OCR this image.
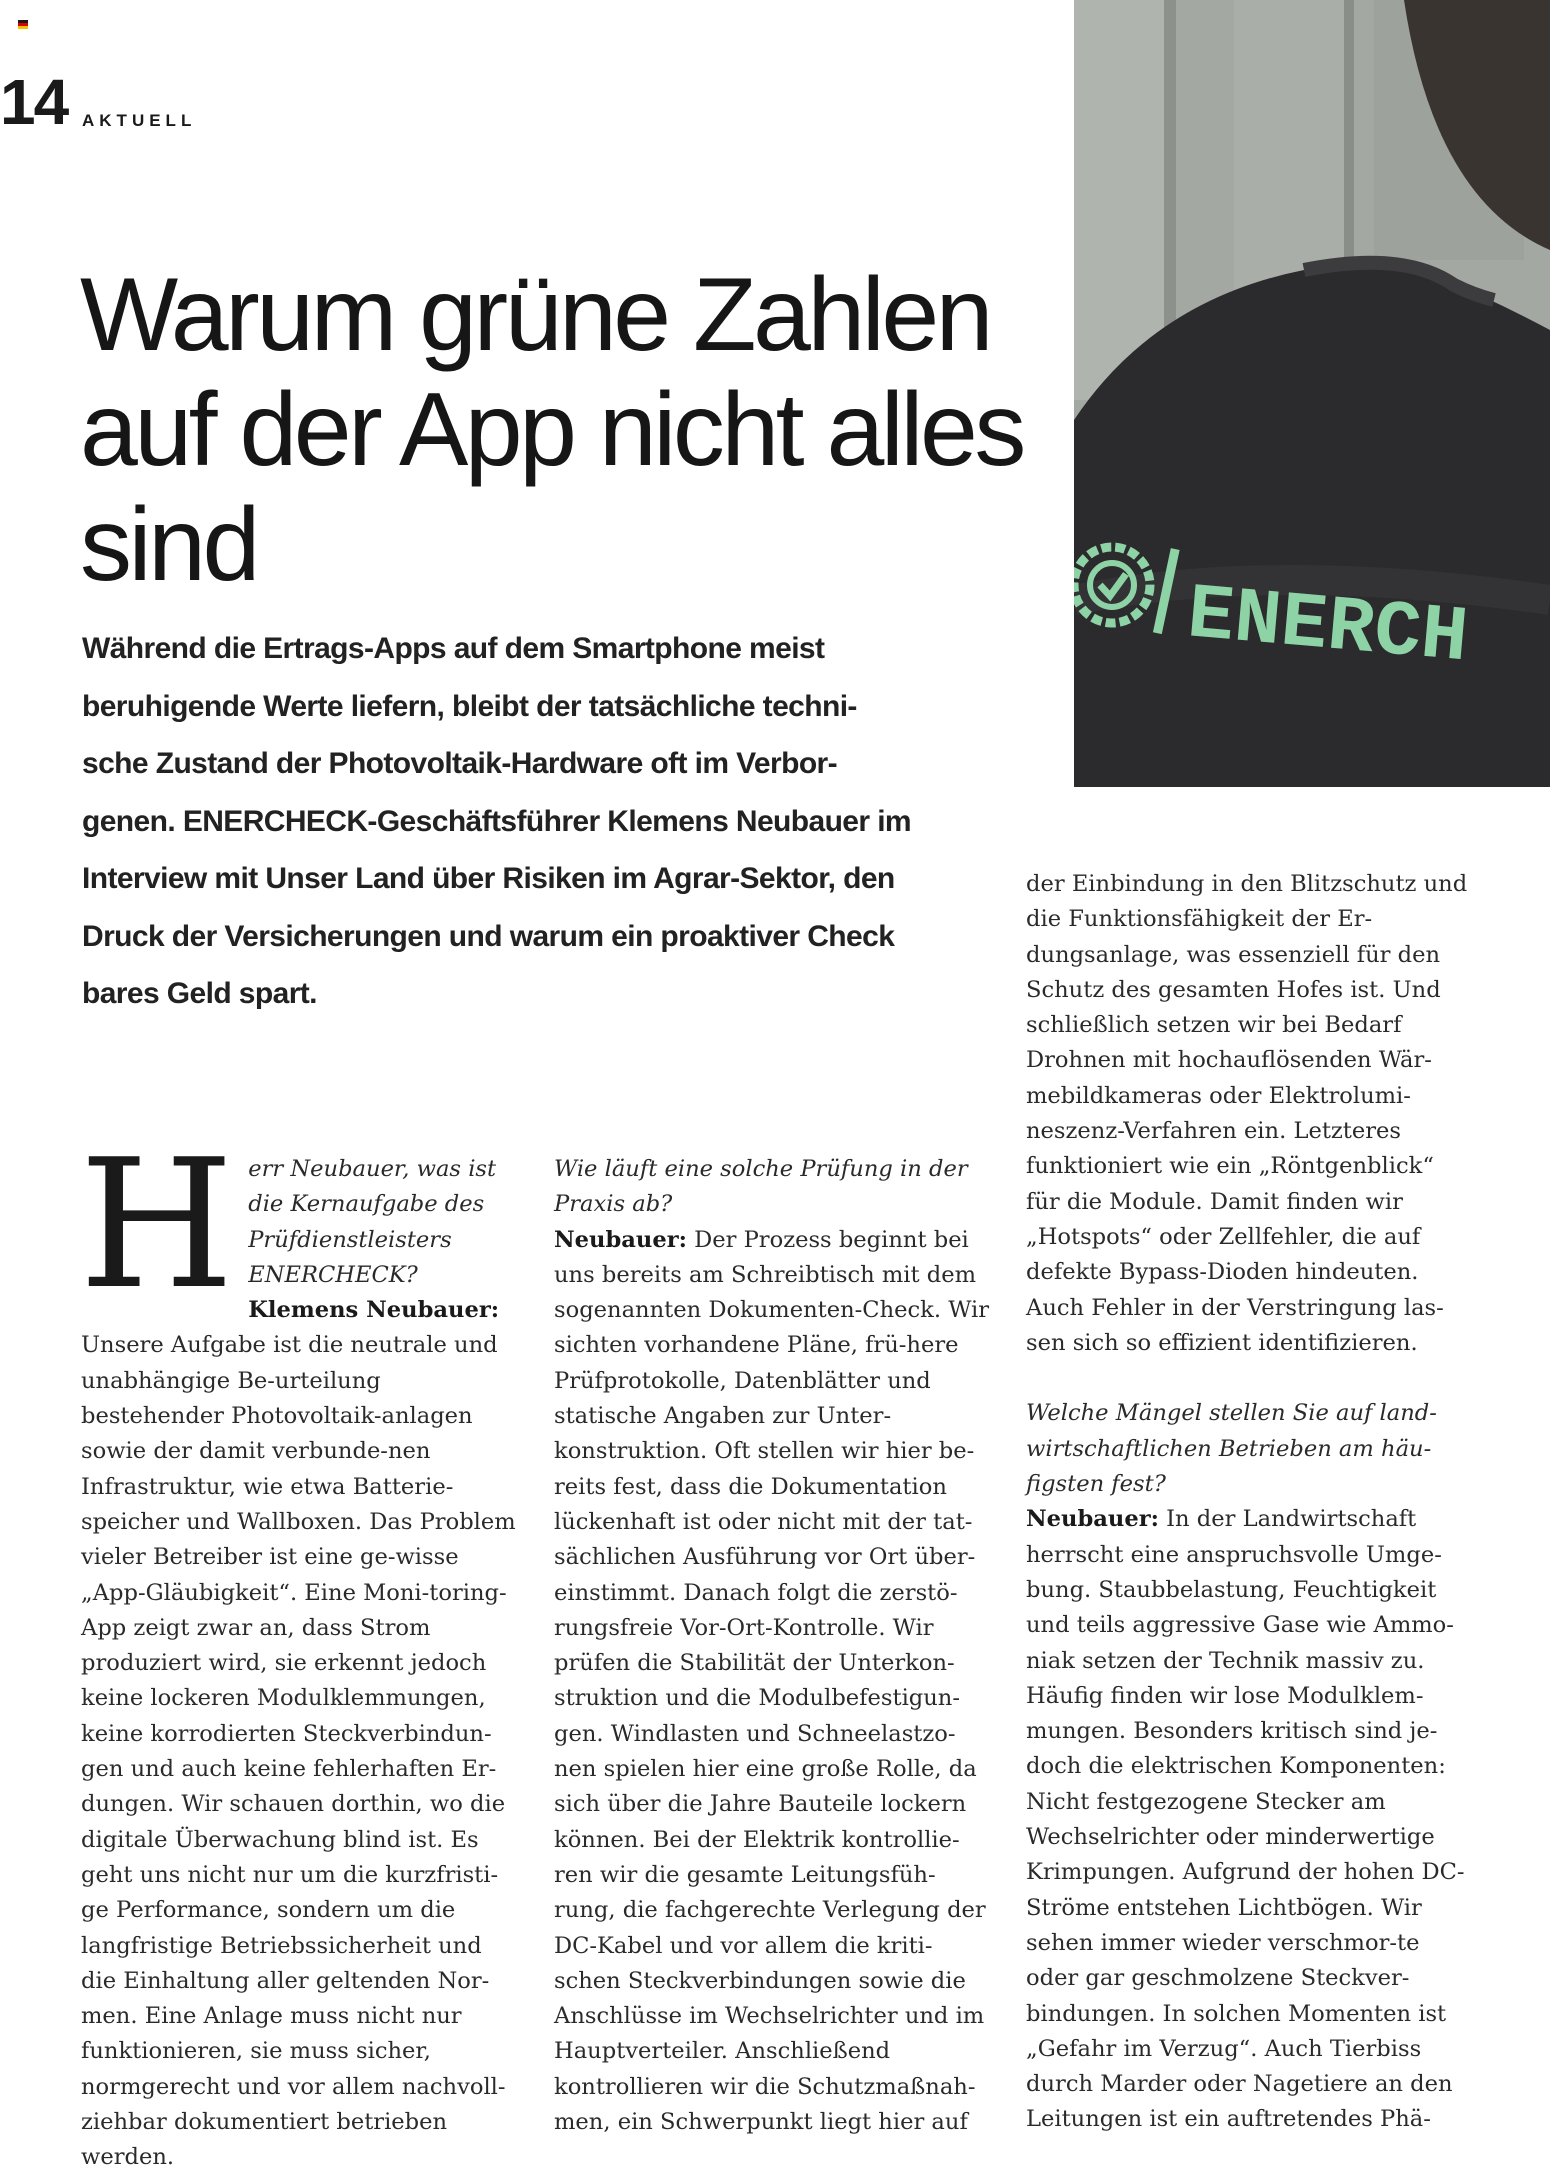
14 AKTUELL
Warum grüne Zahlen auf der App nicht alles sind

Während die Ertrags-Apps auf dem Smartphone meist beruhigende Werte liefern, bleibt der tatsächliche techni-sche Zustand der Photovoltaik-Hardware oft im Verbor-genen. ENERCHECK-Geschäftsführer Klemens Neubauer im Interview mit Unser Land über Risiken im Agrar-Sektor, den Druck der Versicherungen und warum ein proaktiver Check bares Geld spart.

ENERCH
H err Neubauer, was ist die Kernaufgabe des Prüfdienstleisters ENERCHECK?

Klemens Neubauer: Unsere Aufgabe ist die neutrale und unabhängige Be-urteilung bestehender Photovoltaik-anlagen sowie der damit verbunde-nen Infrastruktur, wie etwa Batterie-speicher und Wallboxen. Das Problem vieler Betreiber ist eine ge-wisse „App-Gläubigkeit“. Eine Moni-toring-App zeigt zwar an, dass Strom produziert wird, sie erkennt jedoch keine lockeren Modulklemmungen, keine korrodierten Steckverbindun-gen und auch keine fehlerhaften Er-dungen. Wir schauen dorthin, wo die digitale Überwachung blind ist. Es geht uns nicht nur um die kurzfristi-ge Performance, sondern um die langfristige Betriebssicherheit und die Einhaltung aller geltenden Nor-men. Eine Anlage muss nicht nur funktionieren, sie muss sicher, normgerecht und vor allem nachvoll-ziehbar dokumentiert betrieben werden.

Wie läuft eine solche Prüfung in der Praxis ab?

Neubauer: Der Prozess beginnt bei uns bereits am Schreibtisch mit dem sogenannten Dokumenten-Check. Wir sichten vorhandene Pläne, frü-here Prüfprotokolle, Datenblätter und statische Angaben zur Unter-konstruktion. Oft stellen wir hier be-reits fest, dass die Dokumentation lückenhaft ist oder nicht mit der tat-sächlichen Ausführung vor Ort über-einstimmt. Danach folgt die zerstö-rungsfreie Vor-Ort-Kontrolle. Wir prüfen die Stabilität der Unterkon-struktion und die Modulbefestigun-gen. Windlasten und Schneelastzo-nen spielen hier eine große Rolle, da sich über die Jahre Bauteile lockern können. Bei der Elektrik kontrollie-ren wir die gesamte Leitungsfüh-rung, die fachgerechte Verlegung der DC-Kabel und vor allem die kriti-schen Steckverbindungen sowie die Anschlüsse im Wechselrichter und im Hauptverteiler. Anschließend kontrollieren wir die Schutzmaßnah-men, ein Schwerpunkt liegt hier auf

der Einbindung in den Blitzschutz und die Funktionsfähigkeit der Er-dungsanlage, was essenziell für den Schutz des gesamten Hofes ist. Und schließlich setzen wir bei Bedarf Drohnen mit hochauflösenden Wär-mebildkameras oder Elektrolumi-neszenz-Verfahren ein. Letzteres funktioniert wie ein „Röntgenblick“ für die Module. Damit finden wir „Hotspots“ oder Zellfehler, die auf defekte Bypass-Dioden hindeuten. Auch Fehler in der Verstringung las-sen sich so effizient identifizieren.

Welche Mängel stellen Sie auf land-wirtschaftlichen Betrieben am häu-figsten fest?

Neubauer: In der Landwirtschaft herrscht eine anspruchsvolle Umge-bung. Staubbelastung, Feuchtigkeit und teils aggressive Gase wie Ammo-niak setzen der Technik massiv zu. Häufig finden wir lose Modulklem-mungen. Besonders kritisch sind je-doch die elektrischen Komponenten: Nicht festgezogene Stecker am Wechselrichter oder minderwertige Krimpungen. Aufgrund der hohen DC-Ströme entstehen Lichtbögen. Wir sehen immer wieder verschmor-te oder gar geschmolzene Steckver-bindungen. In solchen Momenten ist „Gefahr im Verzug“. Auch Tierbiss durch Marder oder Nagetiere an den Leitungen ist ein auftretendes Phä-
